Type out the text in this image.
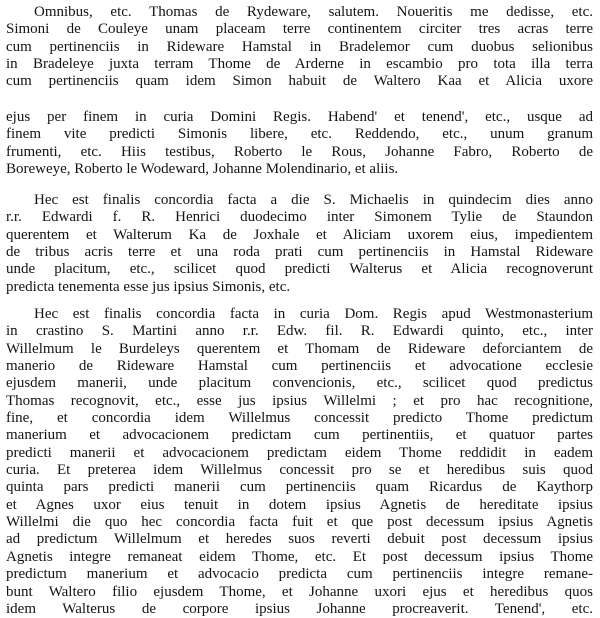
Omnibus, etc. Thomas de Rydeware, salutem. Noueritis me dedisse, etc.
Simoni de Couleye unam placeam terre continentem circiter tres acras terre
cum pertinenciis in Rideware Hamstal in Bradelemor cum duobus selionibus
in Bradeleye juxta terram Thome de Arderne in escambio pro tota illa terra
cum pertinenciis quam idem Simon habuit de Waltero Kaa et Alicia uxore
ejus per finem in curia Domini Regis. Habend' et tenend', etc., usque ad
finem vite predicti Simonis libere, etc. Reddendo, etc., unum granum
frumenti, etc. Hiis testibus, Roberto le Rous, Johanne Fabro, Roberto de
Boreweye, Roberto le Wodeward, Johanne Molendinario, et aliis.
Hec est finalis concordia facta a die S. Michaelis in quindecim dies anno
r.r. Edwardi f. R. Henrici duodecimo inter Simonem Tylie de Staundon
querentem et Walterum Ka de Joxhale et Aliciam uxorem eius, impedientem
de tribus acris terre et una roda prati cum pertinenciis in Hamstal Rideware
unde placitum, etc., scilicet quod predicti Walterus et Alicia recognoverunt
predicta tenementa esse jus ipsius Simonis, etc.
Hec est finalis concordia facta in curia Dom. Regis apud Westmonasterium
in crastino S. Martini anno r.r. Edw. fil. R. Edwardi quinto, etc., inter
Willelmum le Burdeleys querentem et Thomam de Rideware deforciantem de
manerio de Rideware Hamstal cum pertinenciis et advocatione ecclesie
ejusdem manerii, unde placitum convencionis, etc., scilicet quod predictus
Thomas recognovit, etc., esse jus ipsius Willelmi ; et pro hac recognitione,
fine, et concordia idem Willelmus concessit predicto Thome predictum
manerium et advocacionem predictam cum pertinentiis, et quatuor partes
predicti manerii et advocacionem predictam eidem Thome reddidit in eadem
curia. Et preterea idem Willelmus concessit pro se et heredibus suis quod
quinta pars predicti manerii cum pertinenciis quam Ricardus de Kaythorp
et Agnes uxor eius tenuit in dotem ipsius Agnetis de hereditate ipsius
Willelmi die quo hec concordia facta fuit et que post decessum ipsius Agnetis
ad predictum Willelmum et heredes suos reverti debuit post decessum ipsius
Agnetis integre remaneat eidem Thome, etc. Et post decessum ipsius Thome
predictum manerium et advocacio predicta cum pertinenciis integre remane-
bunt Waltero filio ejusdem Thome, et Johanne uxori ejus et heredibus quos
idem Walterus de corpore ipsius Johanne procreaverit. Tenend', etc.
